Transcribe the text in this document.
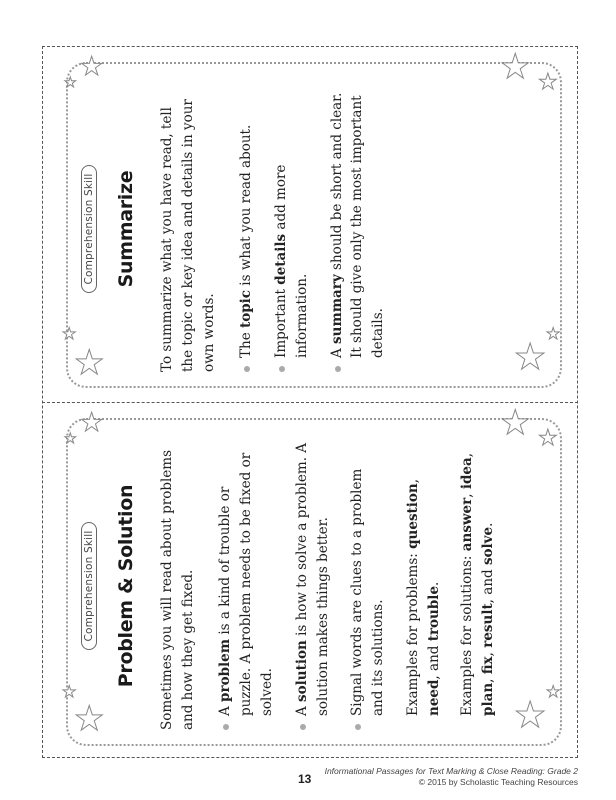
★ ★
★
★
★
★
★
★
Comprehension Skill Summarize To summarize what you have read, tell the topic or key idea and details in your own words. The topic is what you read about.
Important details add more information. A summary should be short and clear. It should give only the most important details.
★ ★
★
★
★
★
★
★
Comprehension Skill Problem & Solution Sometimes you will read about problems and how they get fixed. A problem is a kind of trouble or puzzle. A problem needs to be fixed or solved. A solution is how to solve a problem. A solution makes things better. Signal words are clues to a problem and its solutions. Examples for problems: question, need, and trouble. Examples for solutions: answer, idea, plan, fix, result, and solve.

13
Informational Passages for Text Marking & Close Reading: Grade 2
© 2015 by Scholastic Teaching Resources
